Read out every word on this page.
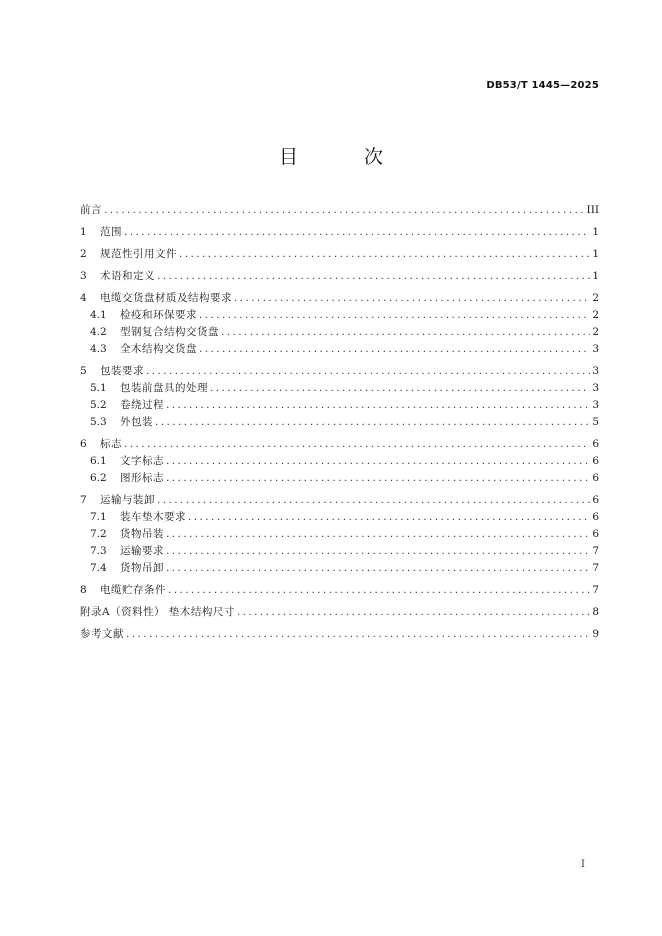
DB53/T 1445—2025
目 次
前言 .....	III
1	范围 .....	1
2	规范性引用文件 .....	1
3	术语和定义 .....	1
4	电缆交货盘材质及结构要求 .....	2
4.1	检疫和环保要求 .....	2
4.2	型钢复合结构交货盘 .....	2
4.3	全木结构交货盘 .....	3
5	包装要求 .....	3
5.1	包装前盘具的处理 .....	3
5.2	卷绕过程 .....	3
5.3	外包装 .....	5
6	标志 .....	6
6.1	文字标志 .....	6
6.2	图形标志 .....	6
7	运输与装卸 .....	6
7.1	装车垫木要求 .....	6
7.2	货物吊装 .....	6
7.3	运输要求 .....	7
7.4	货物吊卸 .....	7
8	电缆贮存条件 .....	7
附录A（资料性） 垫木结构尺寸 .....	8
参考文献 .....	9
I
